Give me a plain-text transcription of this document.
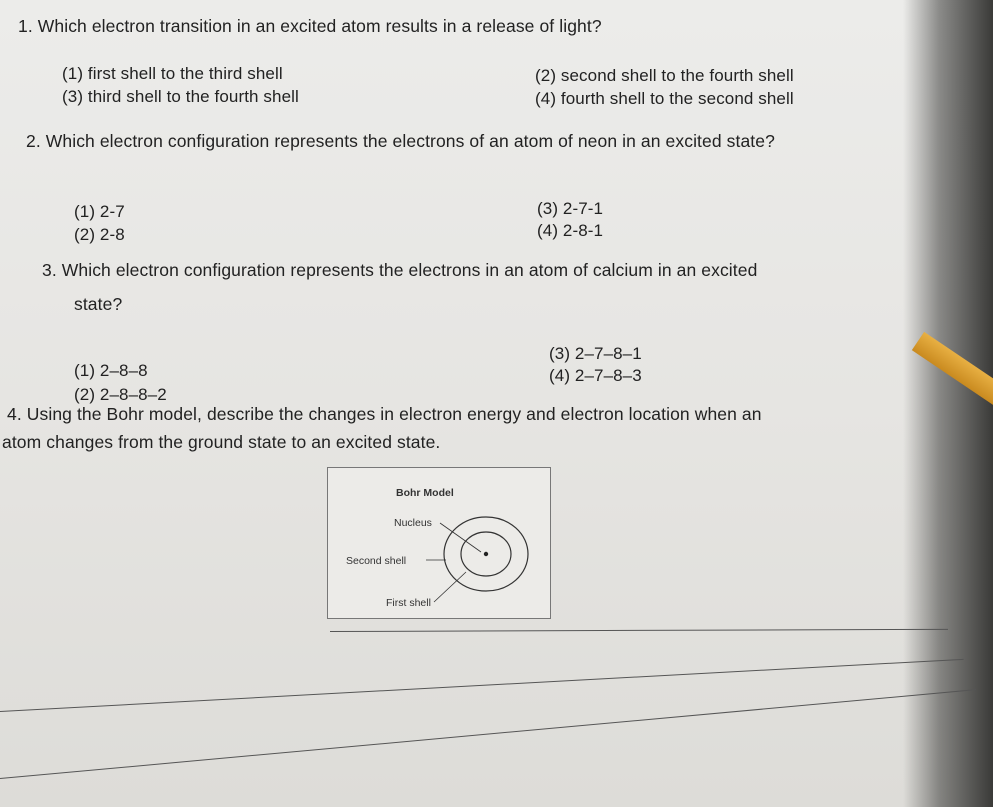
1. Which electron transition in an excited atom results in a release of light?
(1) first shell to the third shell	(2) second shell to the fourth shell
(3) third shell to the fourth shell	(4) fourth shell to the second shell
2. Which electron configuration represents the electrons of an atom of neon in an excited state?
(1) 2-7
(2) 2-8
(3) 2-7-1
(4) 2-8-1
3. Which electron configuration represents the electrons in an atom of calcium in an excited
state?
(1) 2–8–8
(2) 2–8–8–2
(3) 2–7–8–1
(4) 2–7–8–3
4. Using the Bohr model, describe the changes in electron energy and electron location when an
atom changes from the ground state to an excited state.
Bohr Model
Nucleus
Second shell
First shell
